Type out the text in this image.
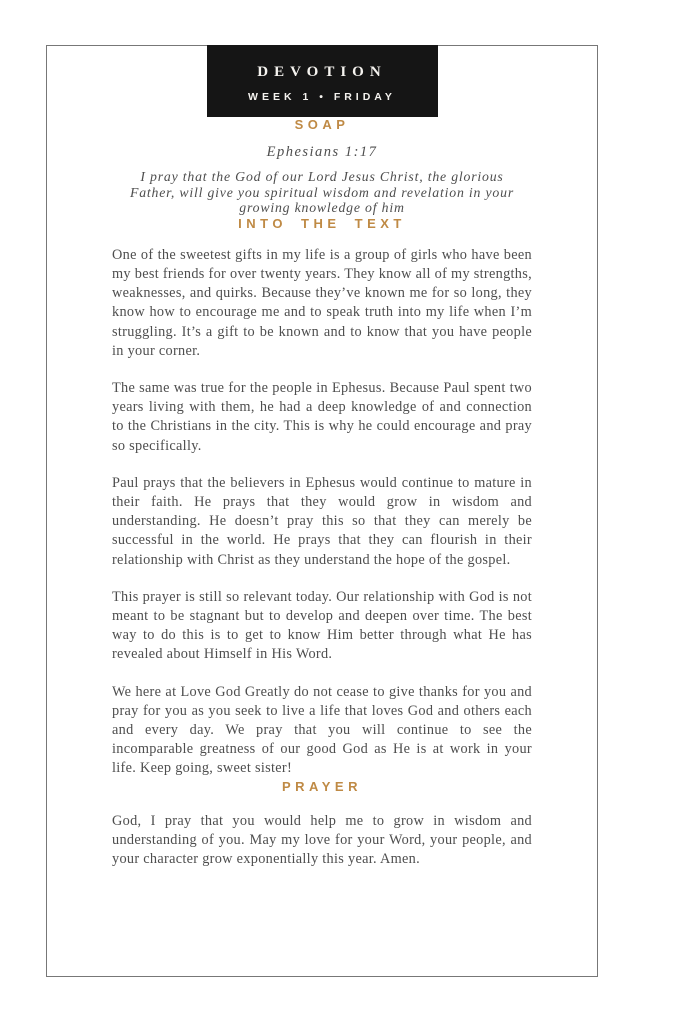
DEVOTION
WEEK 1 • FRIDAY
SOAP
Ephesians 1:17
I pray that the God of our Lord Jesus Christ, the glorious Father, will give you spiritual wisdom and revelation in your growing knowledge of him
INTO THE TEXT

One of the sweetest gifts in my life is a group of girls who have been my best friends for over twenty years. They know all of my strengths, weaknesses, and quirks. Because they’ve known me for so long, they know how to encourage me and to speak truth into my life when I’m struggling. It’s a gift to be known and to know that you have people in your corner.

The same was true for the people in Ephesus. Because Paul spent two years living with them, he had a deep knowledge of and connection to the Christians in the city. This is why he could encourage and pray so specifically.

Paul prays that the believers in Ephesus would continue to mature in their faith. He prays that they would grow in wisdom and understanding. He doesn’t pray this so that they can merely be successful in the world. He prays that they can flourish in their relationship with Christ as they understand the hope of the gospel.

This prayer is still so relevant today. Our relationship with God is not meant to be stagnant but to develop and deepen over time. The best way to do this is to get to know Him better through what He has revealed about Himself in His Word.

We here at Love God Greatly do not cease to give thanks for you and pray for you as you seek to live a life that loves God and others each and every day. We pray that you will continue to see the incomparable greatness of our good God as He is at work in your life. Keep going, sweet sister!

PRAYER

God, I pray that you would help me to grow in wisdom and understanding of you. May my love for your Word, your people, and your character grow exponentially this year. Amen.
